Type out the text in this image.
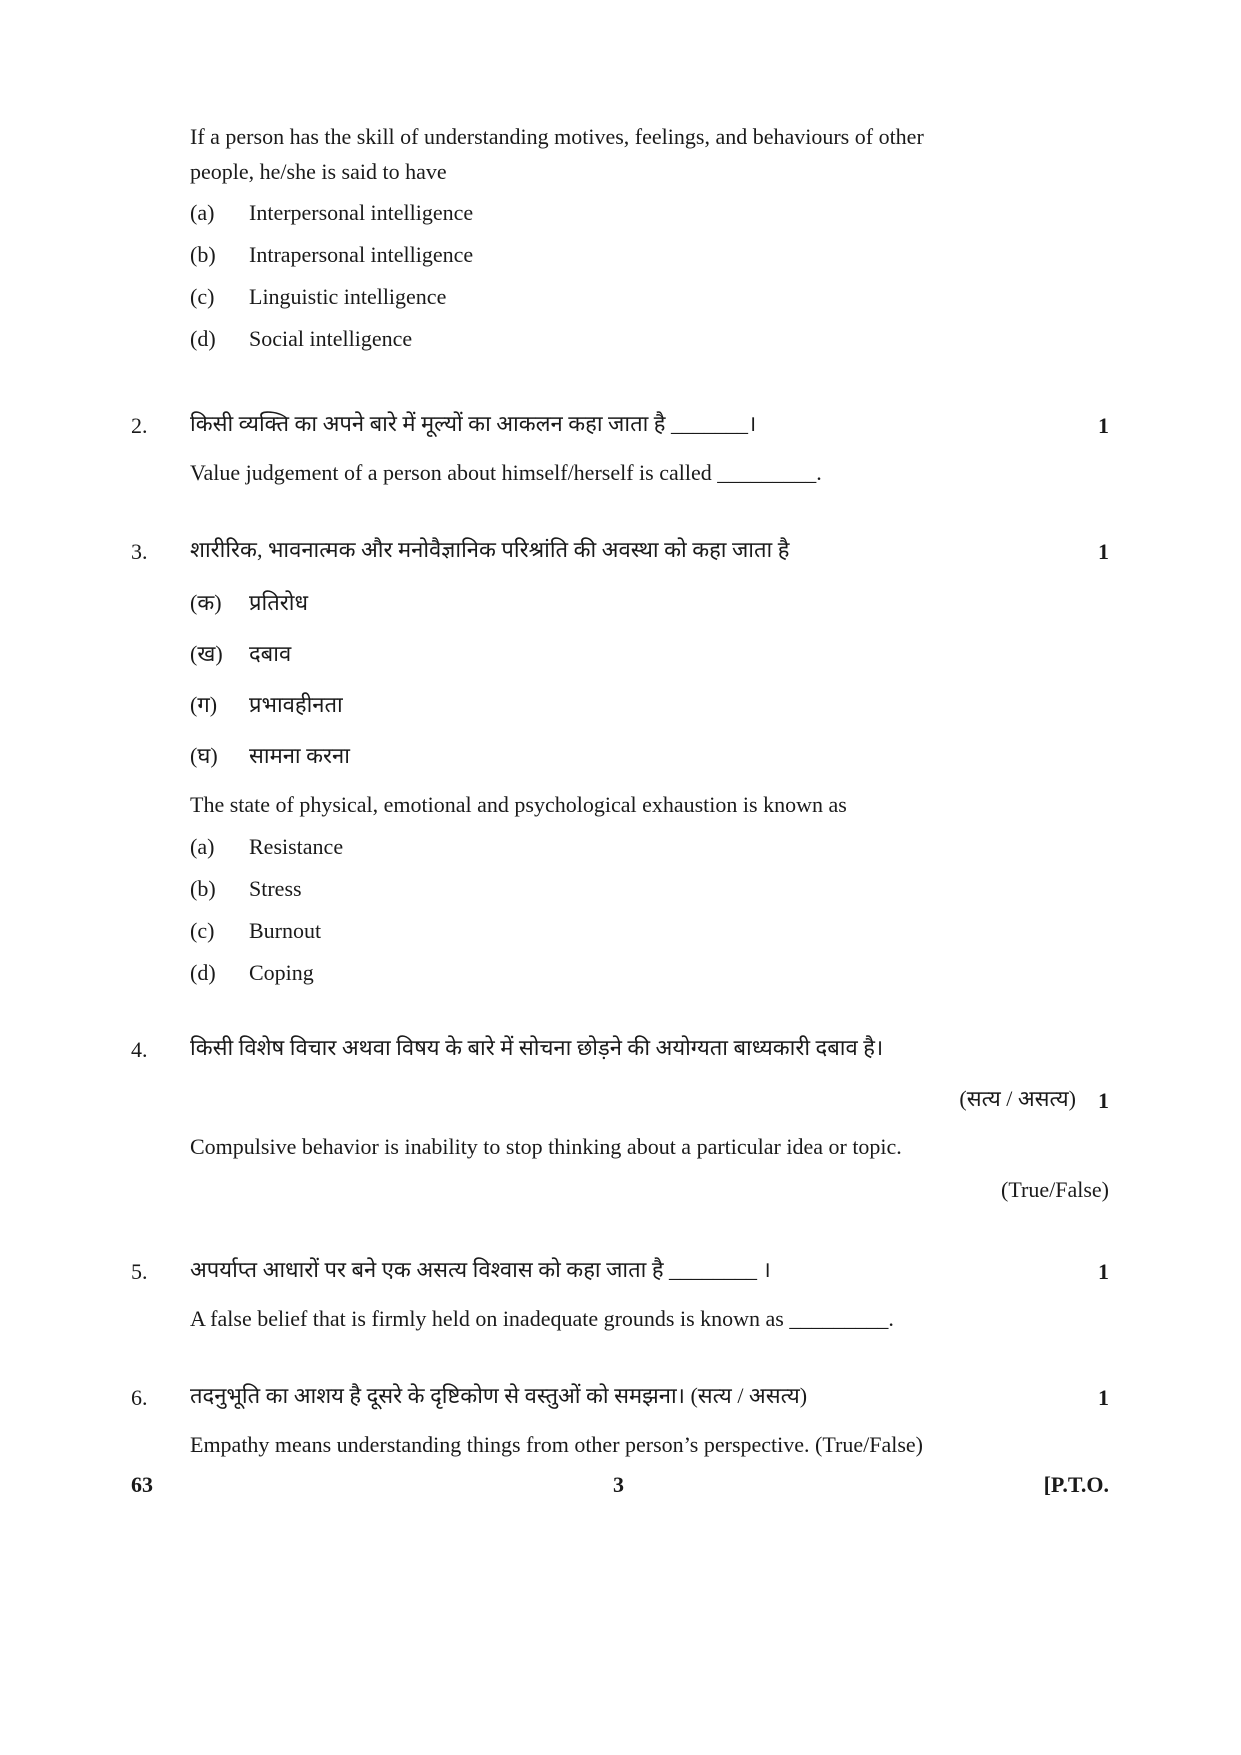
If a person has the skill of understanding motives, feelings, and behaviours of other
people, he/she is said to have
(a) Interpersonal intelligence
(b) Intrapersonal intelligence
(c) Linguistic intelligence
(d) Social intelligence
2. किसी व्यक्ति का अपने बारे में मूल्यों का आकलन कहा जाता है _______।	1
Value judgement of a person about himself/herself is called _________.
3. शारीरिक, भावनात्मक और मनोवैज्ञानिक परिश्रांति की अवस्था को कहा जाता है	1
(क) प्रतिरोध
(ख) दबाव
(ग) प्रभावहीनता
(घ) सामना करना
The state of physical, emotional and psychological exhaustion is known as
(a) Resistance
(b) Stress
(c) Burnout
(d) Coping
4. किसी विशेष विचार अथवा विषय के बारे में सोचना छोड़ने की अयोग्यता बाध्यकारी दबाव है।
(सत्य / असत्य) 1
Compulsive behavior is inability to stop thinking about a particular idea or topic.
(True/False)
5. अपर्याप्त आधारों पर बने एक असत्य विश्वास को कहा जाता है ________ ।	1
A false belief that is firmly held on inadequate grounds is known as _________.
6. तदनुभूति का आशय है दूसरे के दृष्टिकोण से वस्तुओं को समझना। (सत्य / असत्य)	1
Empathy means understanding things from other person’s perspective. (True/False)
63	3	[P.T.O.
